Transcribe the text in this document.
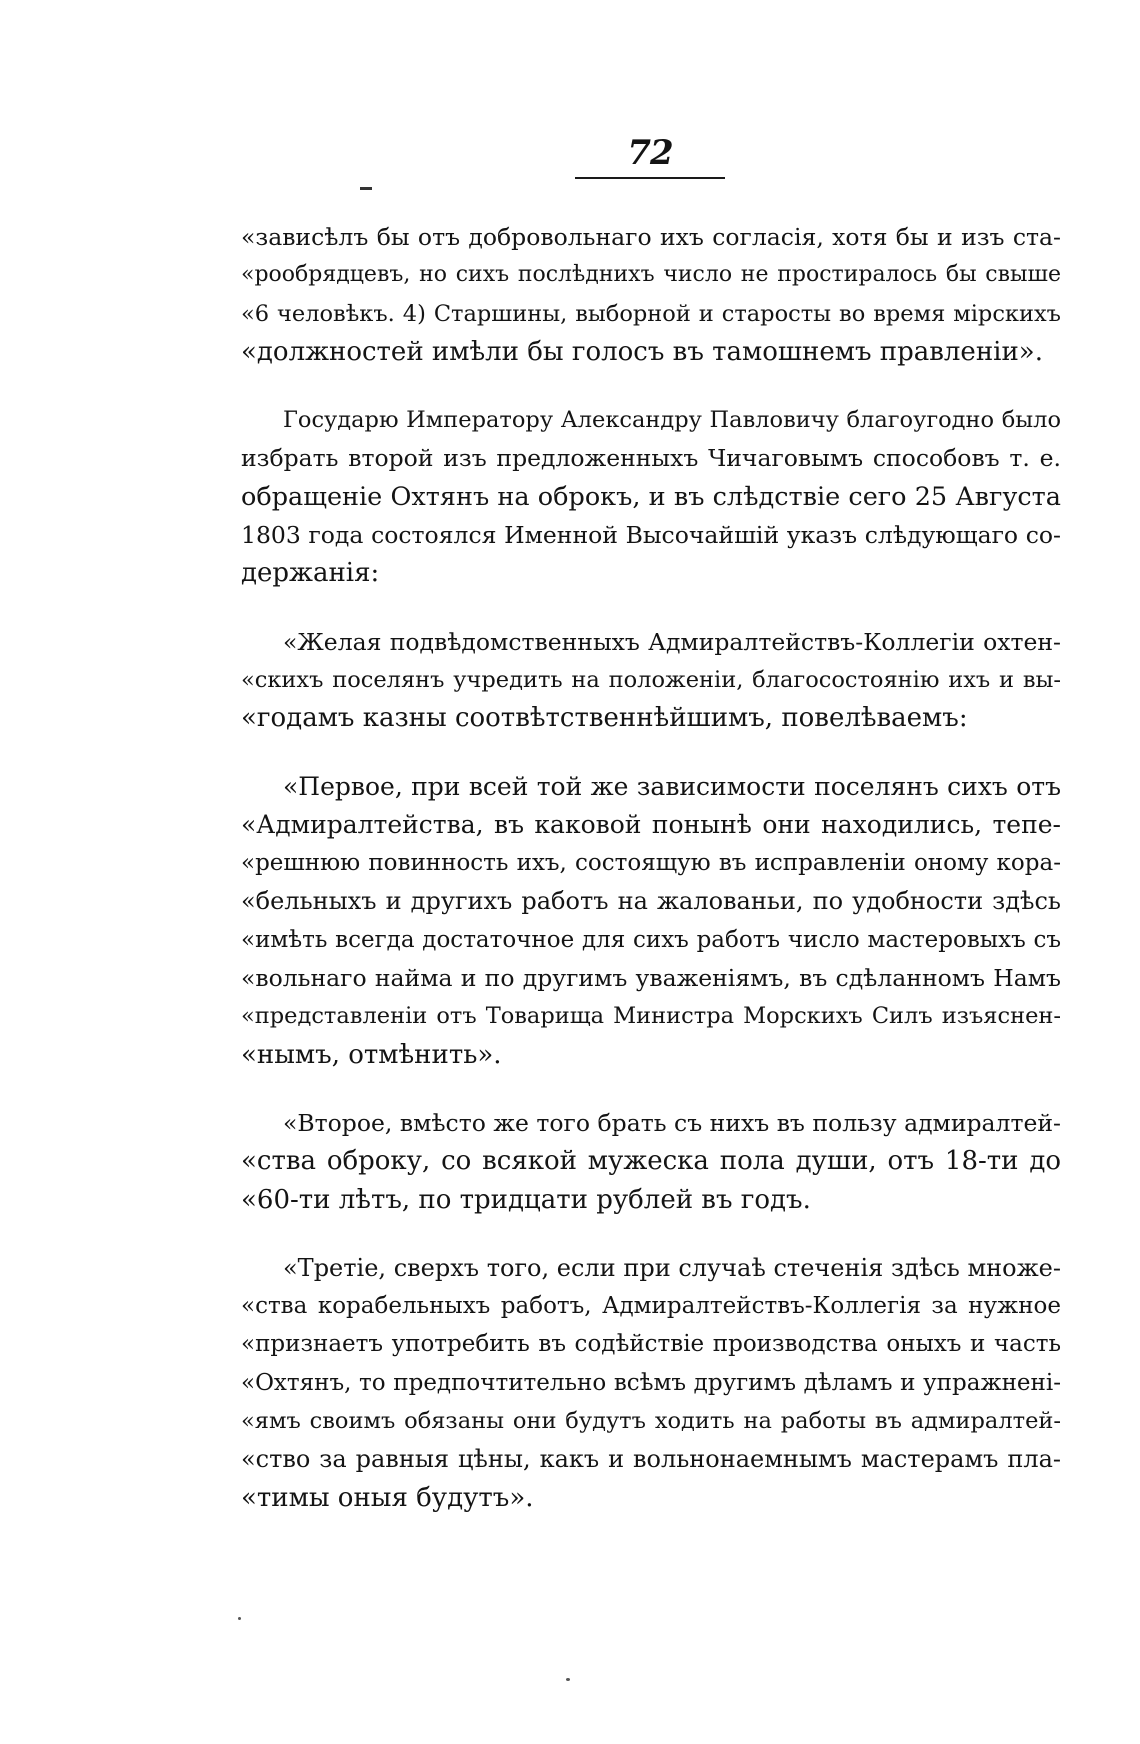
72
«зависѣлъ бы отъ добровольнаго ихъ согласія, хотя бы и изъ ста-
«рообрядцевъ, но сихъ послѣднихъ число не простиралось бы свыше
«6 человѣкъ. 4) Старшины, выборной и старосты во время мірскихъ
«должностей имѣли бы голосъ въ тамошнемъ правленіи».
Государю Императору Александру Павловичу благоугодно было
избрать второй изъ предложенныхъ Чичаговымъ способовъ т. е.
обращеніе Охтянъ на оброкъ, и въ слѣдствіе сего 25 Августа
1803 года состоялся Именной Высочайшій указъ слѣдующаго со-
держанія:
«Желая подвѣдомственныхъ Адмиралтействъ-Коллегіи охтен-
«скихъ поселянъ учредить на положеніи, благосостоянію ихъ и вы-
«годамъ казны соотвѣтственнѣйшимъ, повелѣваемъ:
«Первое, при всей той же зависимости поселянъ сихъ отъ
«Адмиралтейства, въ каковой понынѣ они находились, тепе-
«решнюю повинность ихъ, состоящую въ исправленіи оному кора-
«бельныхъ и другихъ работъ на жалованьи, по удобности здѣсь
«имѣть всегда достаточное для сихъ работъ число мастеровыхъ съ
«вольнаго найма и по другимъ уваженіямъ, въ сдѣланномъ Намъ
«представленіи отъ Товарища Министра Морскихъ Силъ изъяснен-
«нымъ, отмѣнить».
«Второе, вмѣсто же того брать съ нихъ въ пользу адмиралтей-
«ства оброку, со всякой мужеска пола души, отъ 18-ти до
«60-ти лѣтъ, по тридцати рублей въ годъ.
«Третіе, сверхъ того, если при случаѣ стеченія здѣсь множе-
«ства корабельныхъ работъ, Адмиралтействъ-Коллегія за нужное
«признаетъ употребить въ содѣйствіе производства оныхъ и часть
«Охтянъ, то предпочтительно всѣмъ другимъ дѣламъ и упражненi-
«ямъ своимъ обязаны они будутъ ходить на работы въ адмиралтей-
«ство за равныя цѣны, какъ и вольнонаемнымъ мастерамъ пла-
«тимы оныя будутъ».
